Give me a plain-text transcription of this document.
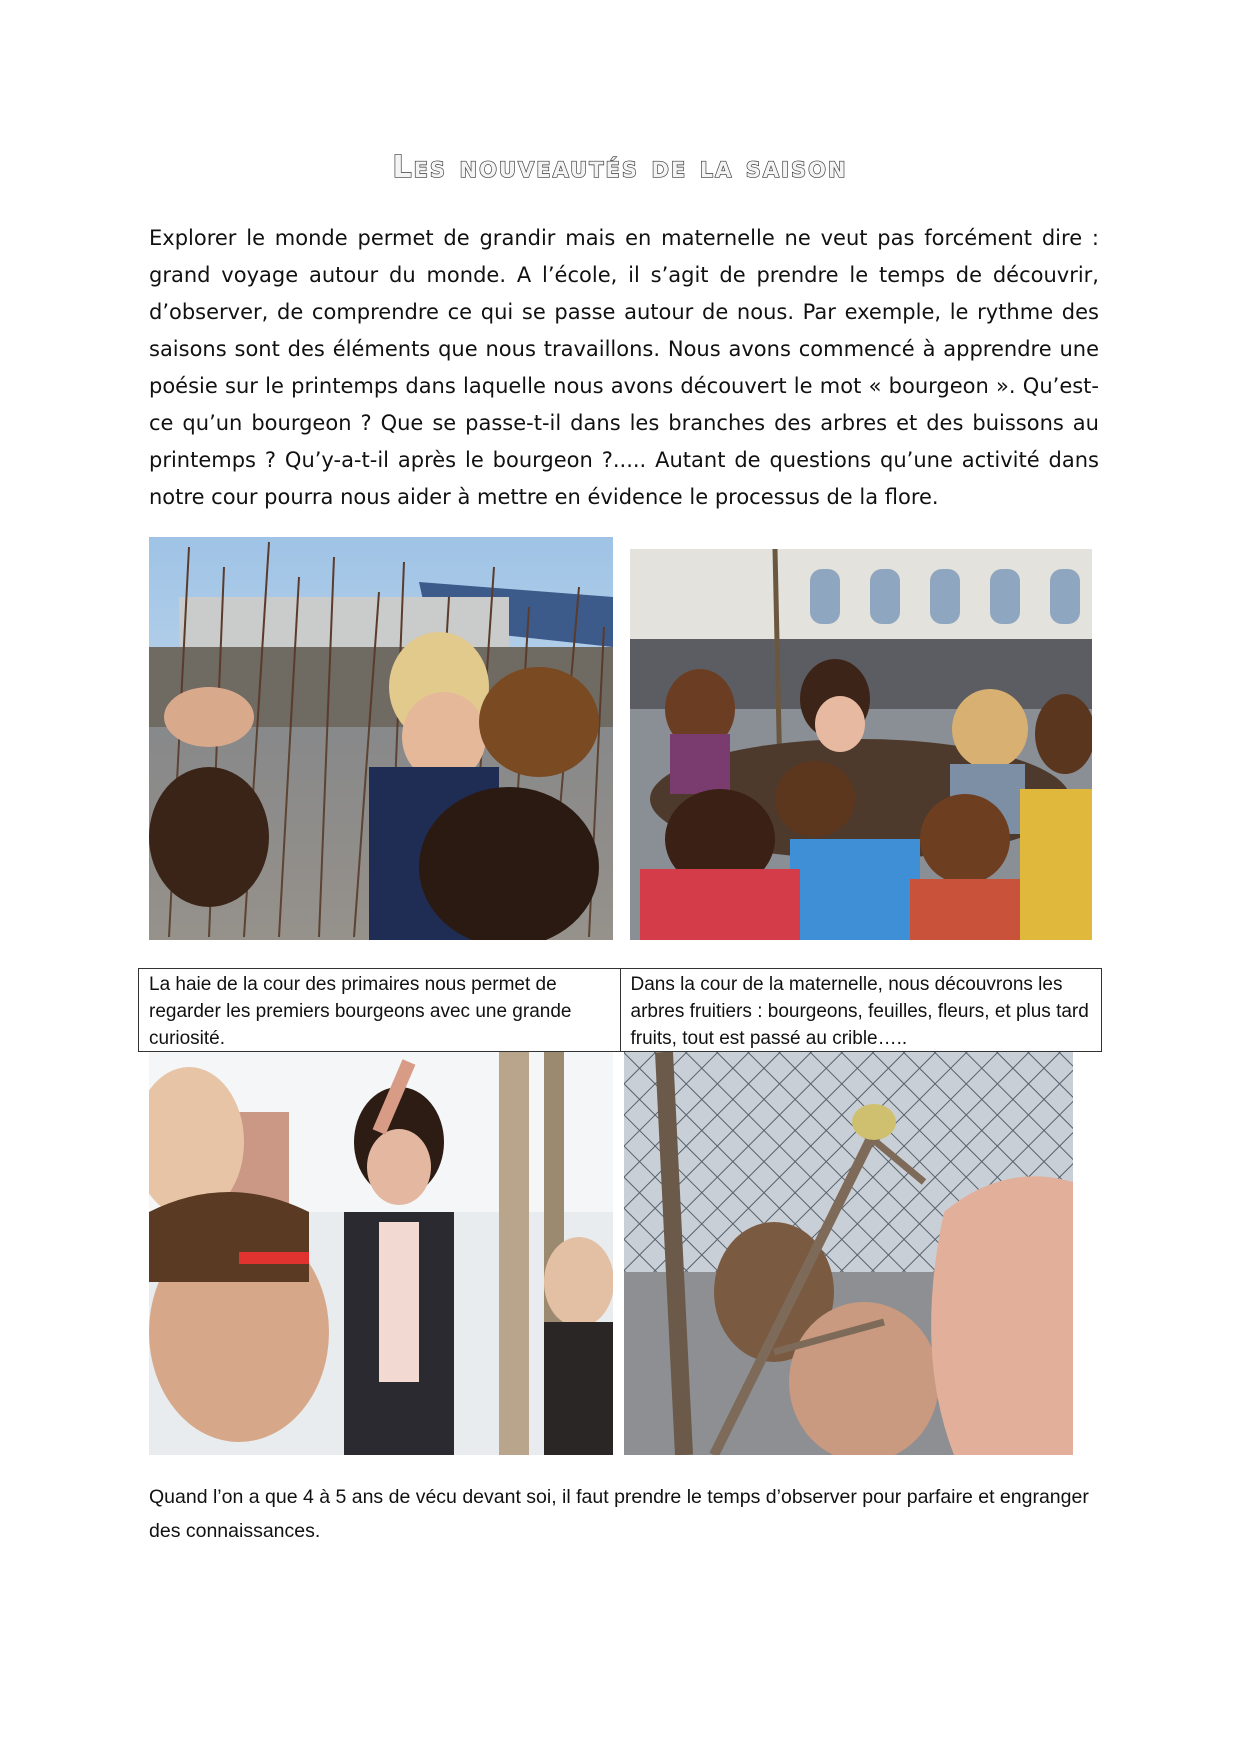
Les nouveautés de la saison

Explorer le monde permet de grandir mais en maternelle ne veut pas forcément dire : grand voyage autour du monde. A l’école, il s’agit de prendre le temps de découvrir, d’observer, de comprendre ce qui se passe autour de nous. Par exemple, le rythme des saisons sont des éléments que nous travaillons. Nous avons commencé à apprendre une poésie sur le printemps dans laquelle nous avons découvert le mot « bourgeon ». Qu’est-ce qu’un bourgeon ? Que se passe-t-il dans les branches des arbres et des buissons au printemps ? Qu’y-a-t-il après le bourgeon ?..... Autant de questions qu’une activité dans notre cour pourra nous aider à mettre en évidence le processus de la flore.

La haie de la cour des primaires nous permet de regarder les premiers bourgeons avec une grande curiosité.
Dans la cour de la maternelle, nous découvrons les arbres fruitiers : bourgeons, feuilles, fleurs, et plus tard fruits, tout est passé au crible…..

Quand l’on a que 4 à 5 ans de vécu devant soi, il faut prendre le temps d’observer pour parfaire et engranger des connaissances.
